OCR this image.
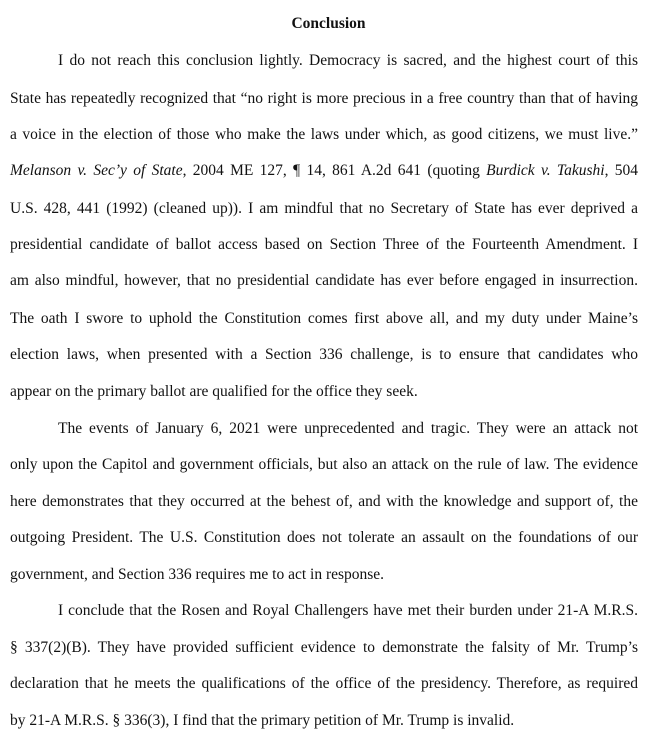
Conclusion
I do not reach this conclusion lightly. Democracy is sacred, and the highest court of this
State has repeatedly recognized that “no right is more precious in a free country than that of having
a voice in the election of those who make the laws under which, as good citizens, we must live.”
Melanson v. Sec’y of State, 2004 ME 127, ¶ 14, 861 A.2d 641 (quoting Burdick v. Takushi, 504
U.S. 428, 441 (1992) (cleaned up)). I am mindful that no Secretary of State has ever deprived a
presidential candidate of ballot access based on Section Three of the Fourteenth Amendment. I
am also mindful, however, that no presidential candidate has ever before engaged in insurrection.
The oath I swore to uphold the Constitution comes first above all, and my duty under Maine’s
election laws, when presented with a Section 336 challenge, is to ensure that candidates who
appear on the primary ballot are qualified for the office they seek.
The events of January 6, 2021 were unprecedented and tragic. They were an attack not
only upon the Capitol and government officials, but also an attack on the rule of law. The evidence
here demonstrates that they occurred at the behest of, and with the knowledge and support of, the
outgoing President. The U.S. Constitution does not tolerate an assault on the foundations of our
government, and Section 336 requires me to act in response.
I conclude that the Rosen and Royal Challengers have met their burden under 21-A M.R.S.
§ 337(2)(B). They have provided sufficient evidence to demonstrate the falsity of Mr. Trump’s
declaration that he meets the qualifications of the office of the presidency. Therefore, as required
by 21-A M.R.S. § 336(3), I find that the primary petition of Mr. Trump is invalid.
